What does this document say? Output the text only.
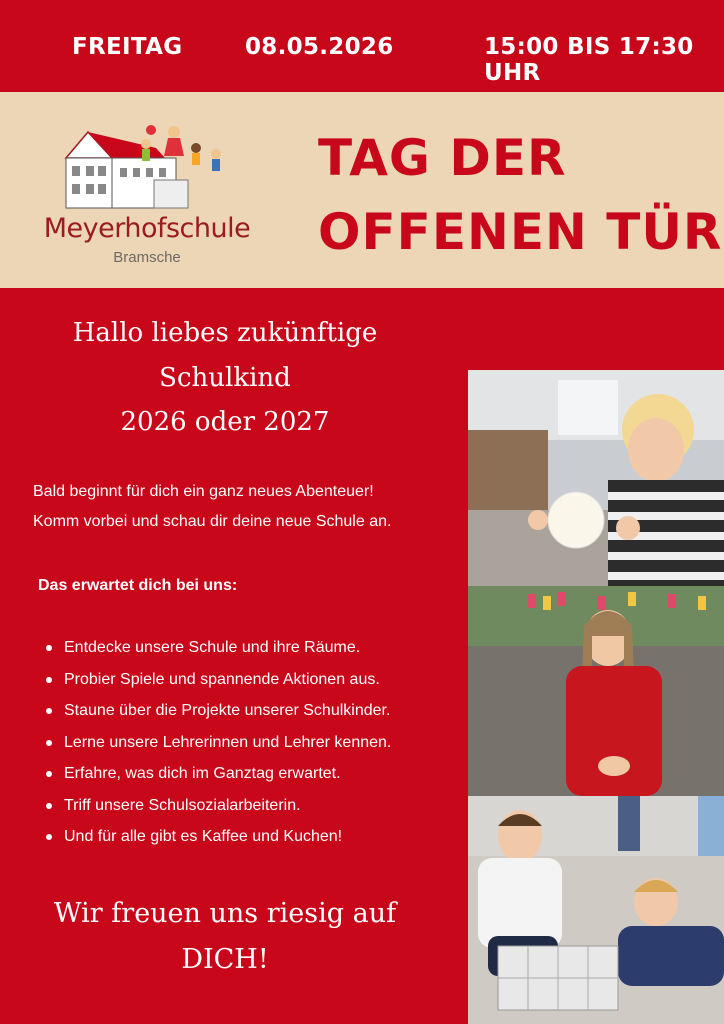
FREITAG	08.05.2026	15:00 BIS 17:30 UHR
Meyerhofschule
Bramsche
TAG DER
OFFENEN TÜR
Hallo liebes zukünftige
Schulkind
2026 oder 2027
Bald beginnt für dich ein ganz neues Abenteuer!
Komm vorbei und schau dir deine neue Schule an.
Das erwartet dich bei uns:
Entdecke unsere Schule und ihre Räume.
Probier Spiele und spannende Aktionen aus.
Staune über die Projekte unserer Schulkinder.
Lerne unsere Lehrerinnen und Lehrer kennen.
Erfahre, was dich im Ganztag erwartet.
Triff unsere Schulsozialarbeiterin.
Und für alle gibt es Kaffee und Kuchen!
Wir freuen uns riesig auf
DICH!
